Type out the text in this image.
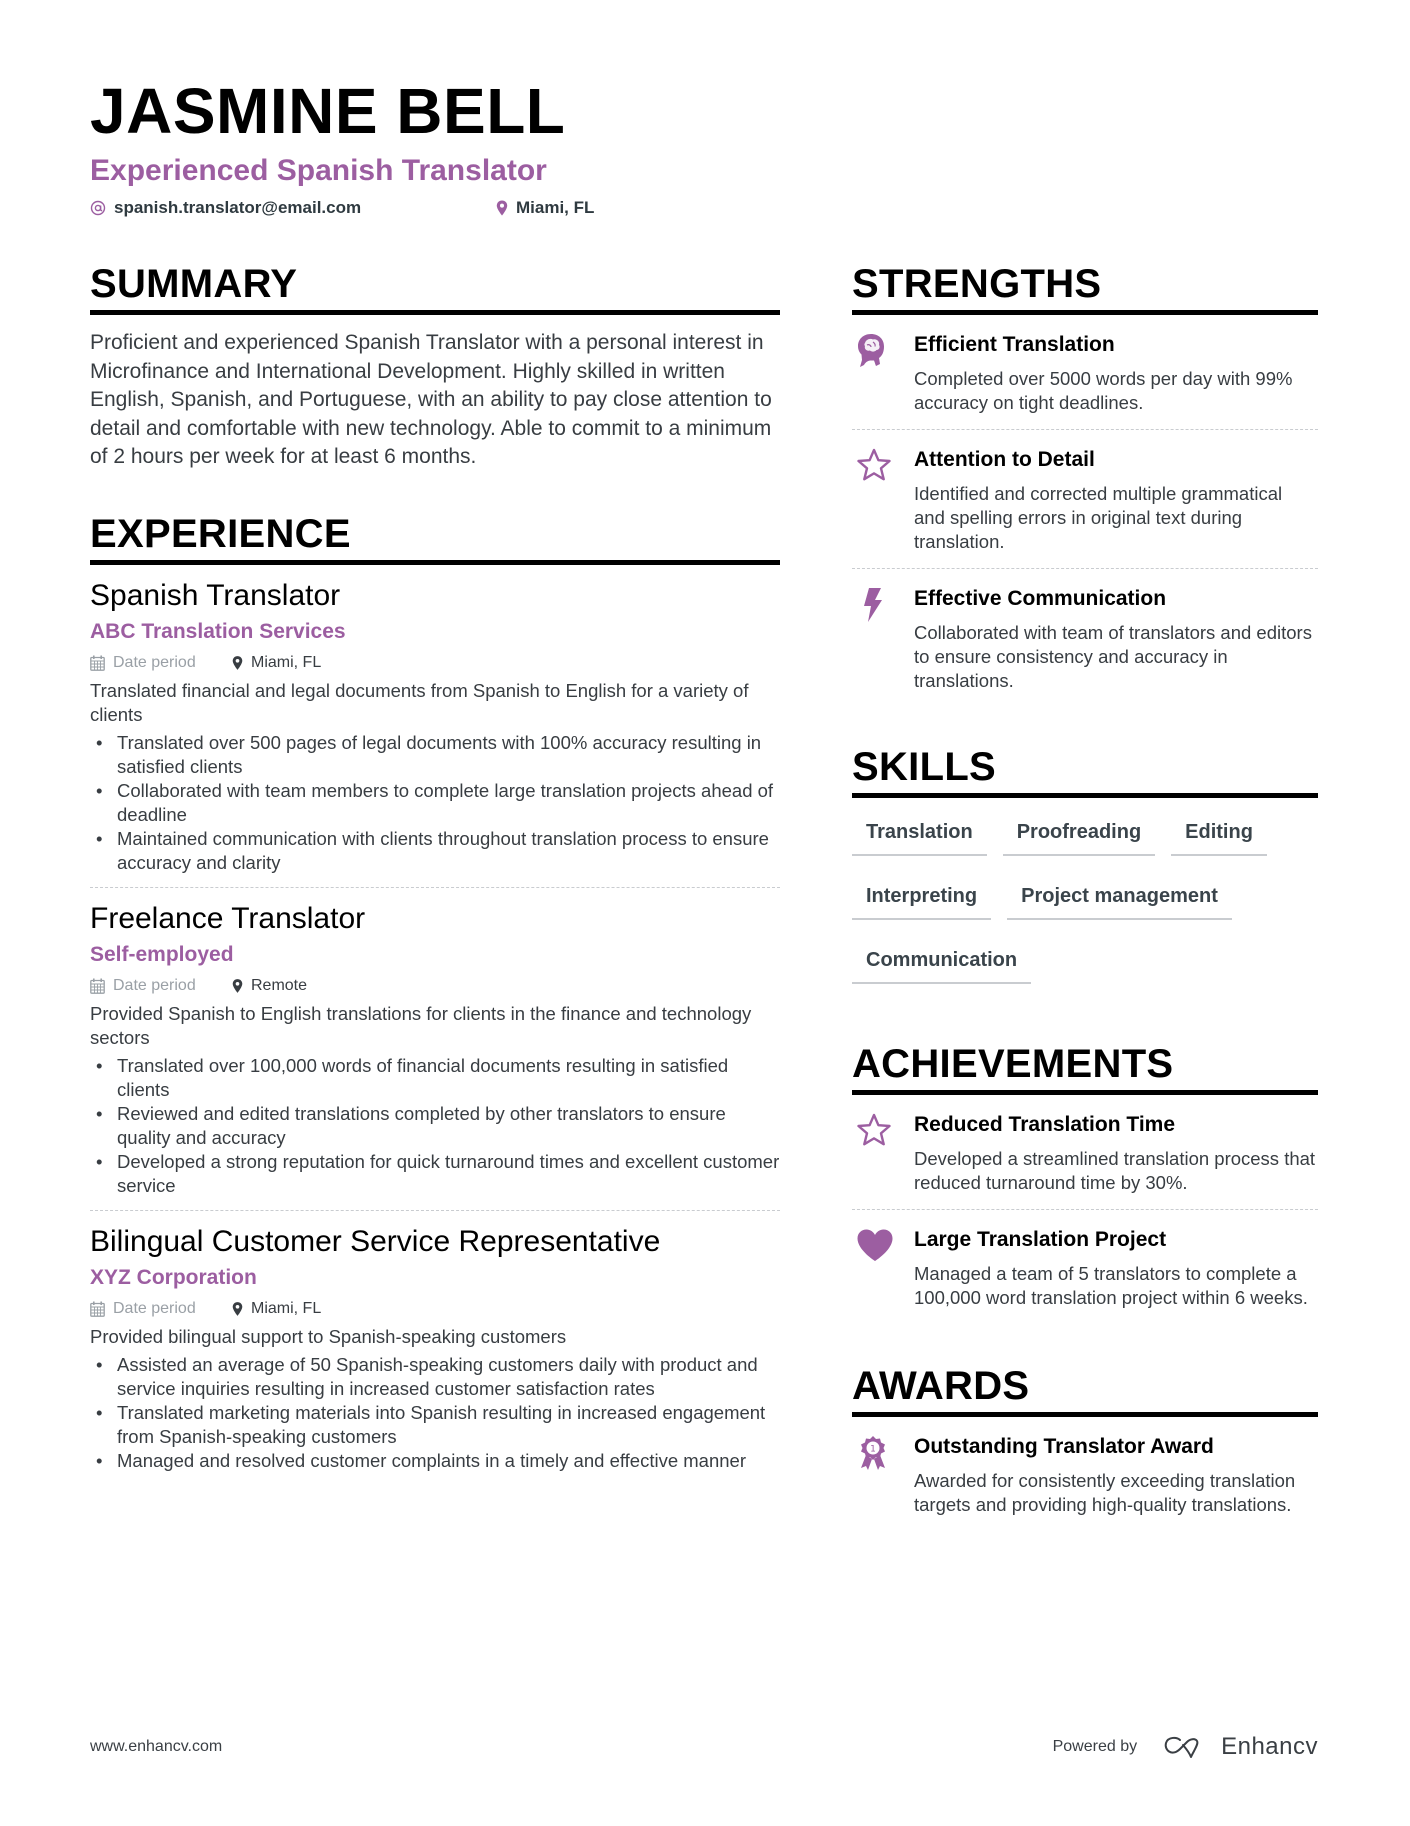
JASMINE BELL
Experienced Spanish Translator
spanish.translator@email.com	Miami, FL
SUMMARY

Proficient and experienced Spanish Translator with a personal interest in Microfinance and International Development. Highly skilled in written English, Spanish, and Portuguese, with an ability to pay close attention to detail and comfortable with new technology. Able to commit to a minimum of 2 hours per week for at least 6 months.

EXPERIENCE
Spanish Translator
ABC Translation Services
Date period	Miami, FL
Translated financial and legal documents from Spanish to English for a variety of clients
• Translated over 500 pages of legal documents with 100% accuracy resulting in satisfied clients
• Collaborated with team members to complete large translation projects ahead of deadline
• Maintained communication with clients throughout translation process to ensure accuracy and clarity
Freelance Translator
Self-employed
Date period	Remote
Provided Spanish to English translations for clients in the finance and technology sectors
• Translated over 100,000 words of financial documents resulting in satisfied clients
• Reviewed and edited translations completed by other translators to ensure quality and accuracy
• Developed a strong reputation for quick turnaround times and excellent customer service
Bilingual Customer Service Representative
XYZ Corporation
Date period	Miami, FL
Provided bilingual support to Spanish-speaking customers
• Assisted an average of 50 Spanish-speaking customers daily with product and service inquiries resulting in increased customer satisfaction rates
• Translated marketing materials into Spanish resulting in increased engagement from Spanish-speaking customers
• Managed and resolved customer complaints in a timely and effective manner
STRENGTHS
Efficient Translation
Completed over 5000 words per day with 99% accuracy on tight deadlines.
Attention to Detail
Identified and corrected multiple grammatical and spelling errors in original text during translation.
Effective Communication
Collaborated with team of translators and editors to ensure consistency and accuracy in translations.
SKILLS
Translation	Proofreading	Editing
Interpreting	Project management
Communication
ACHIEVEMENTS
Reduced Translation Time
Developed a streamlined translation process that reduced turnaround time by 30%.
Large Translation Project
Managed a team of 5 translators to complete a 100,000 word translation project within 6 weeks.
AWARDS
1 Outstanding Translator Award
Awarded for consistently exceeding translation targets and providing high-quality translations.
www.enhancv.com	Powered by	Enhancv
